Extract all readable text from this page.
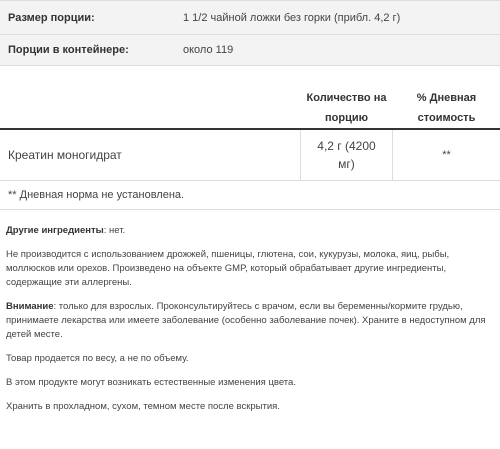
Размер порции:	1 1/2 чайной ложки без горки (прибл. 4,2 г)
Порции в контейнере:	около 119
Количество на
порцию
% Дневная
стоимость
Креатин моногидрат
4,2 г (4200
мг)
**
** Дневная норма не установлена.

Другие ингредиенты: нет.

Не производится с использованием дрожжей, пшеницы, глютена, сои, кукурузы, молока, яиц, рыбы, моллюсков или орехов. Произведено на объекте GMP, который обрабатывает другие ингредиенты, содержащие эти аллергены.

Внимание: только для взрослых. Проконсультируйтесь с врачом, если вы беременны/кормите грудью, принимаете лекарства или имеете заболевание (особенно заболевание почек). Храните в недоступном для детей месте.

Товар продается по весу, а не по объему.

В этом продукте могут возникать естественные изменения цвета.

Хранить в прохладном, сухом, темном месте после вскрытия.
